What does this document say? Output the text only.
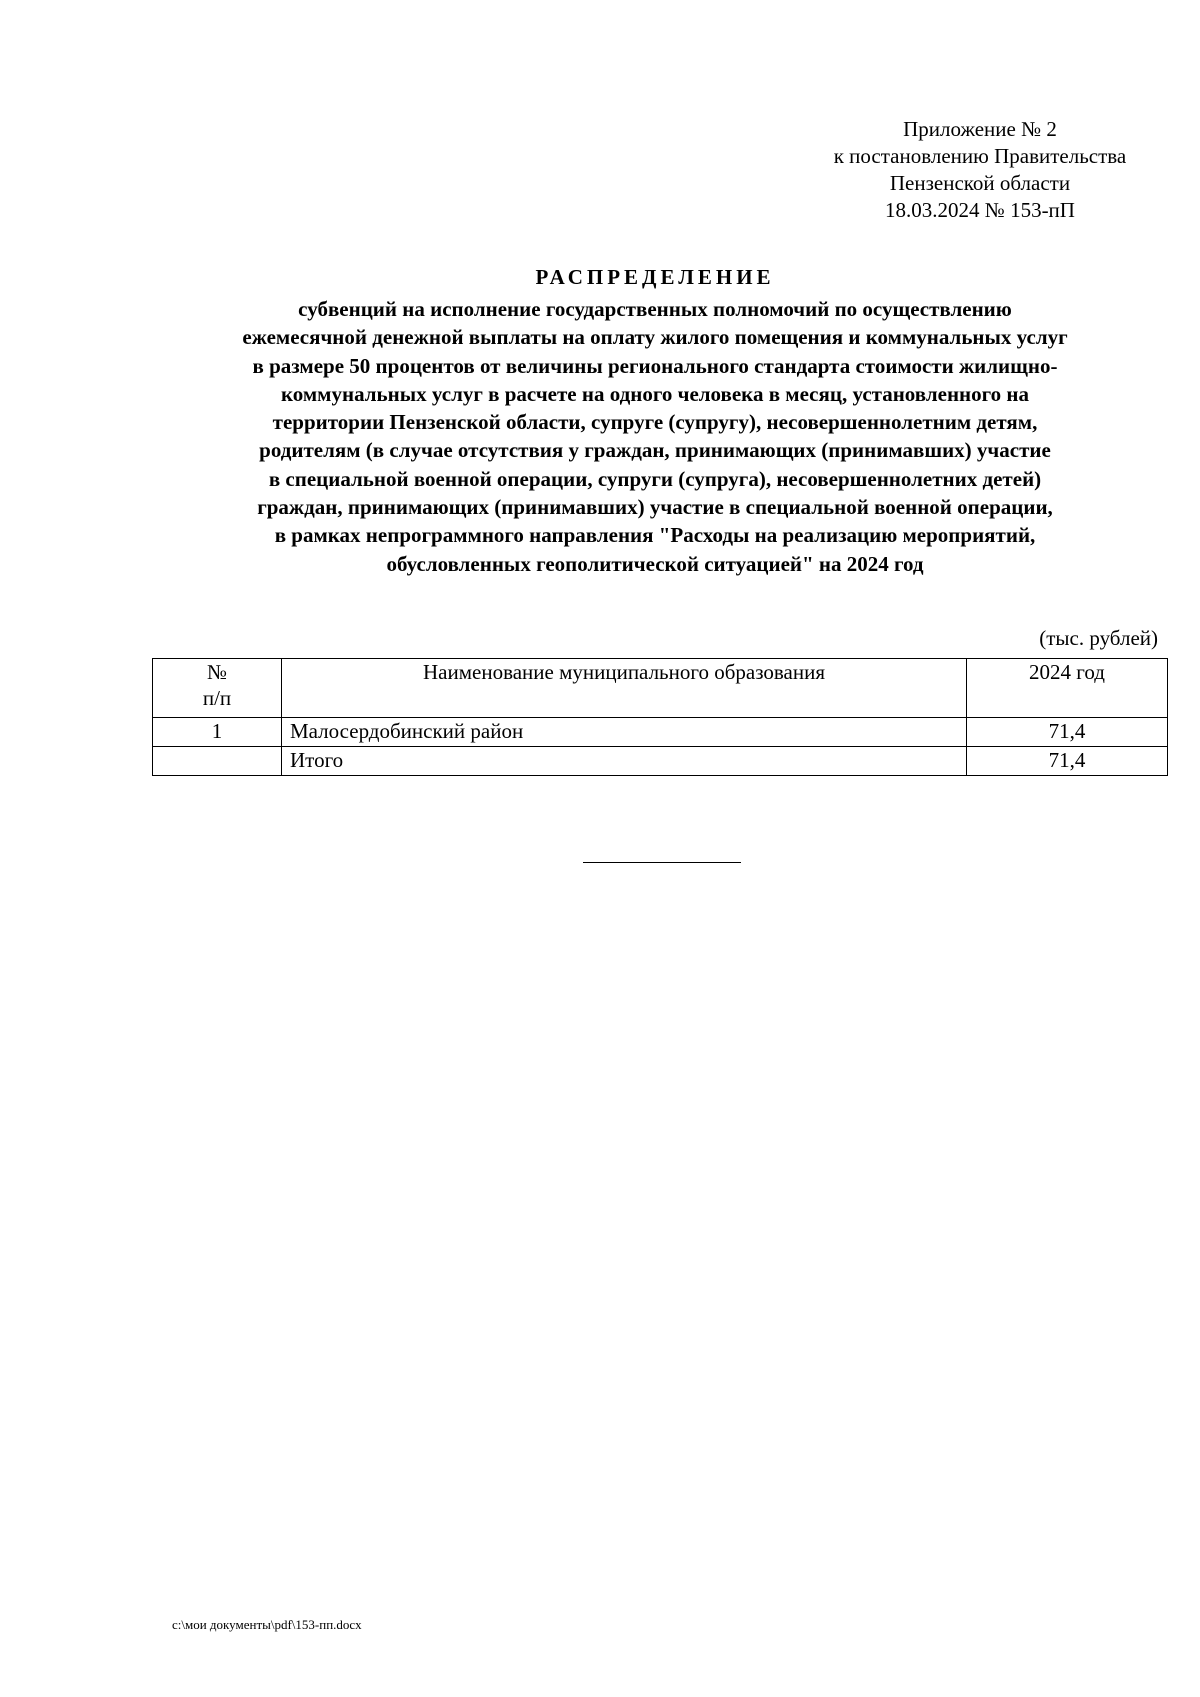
Приложение № 2
к постановлению Правительства
Пензенской области
18.03.2024 № 153-пП
РАСПРЕДЕЛЕНИЕ
субвенций на исполнение государственных полномочий по осуществлению
ежемесячной денежной выплаты на оплату жилого помещения и коммунальных услуг
в размере 50 процентов от величины регионального стандарта стоимости жилищно-
коммунальных услуг в расчете на одного человека в месяц, установленного на
территории Пензенской области, супруге (супругу), несовершеннолетним детям,
родителям (в случае отсутствия у граждан, принимающих (принимавших) участие
в специальной военной операции, супруги (супруга), несовершеннолетних детей)
граждан, принимающих (принимавших) участие в специальной военной операции,
в рамках непрограммного направления "Расходы на реализацию мероприятий,
обусловленных геополитической ситуацией" на 2024 год
(тыс. рублей)
№
п/п	Наименование муниципального образования	2024 год
1	Малосердобинский район	71,4
	Итого	71,4
c:\мои документы\pdf\153-пп.docx
